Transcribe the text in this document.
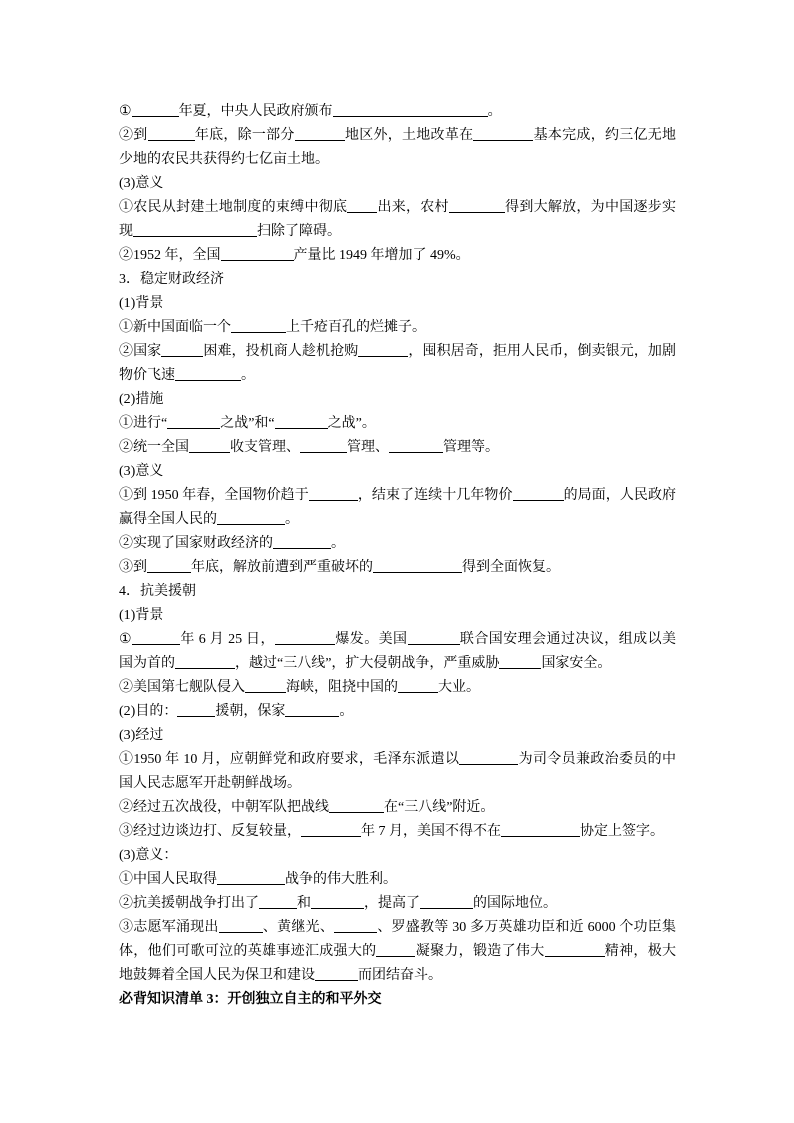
①	年夏，中央人民政府颁布	。
②到	年底，除一部分	地区外，土地改革在	基本完成，约三亿无地
少地的农民共获得约七亿亩土地。
(3)意义
①农民从封建土地制度的束缚中彻底 出来，农村	得到大解放，为中国逐步实
现	扫除了障碍。
②1952 年，全国	产量比 1949 年增加了 49%。
3．稳定财政经济
(1)背景
①新中国面临一个	上千疮百孔的烂摊子。
②国家	困难，投机商人趁机抢购	，囤积居奇，拒用人民币，倒卖银元，加剧
物价飞速	。
(2)措施
①进行“	之战”和“	之战”。
②统一全国	收支管理、	管理、	管理等。
(3)意义
①到 1950 年春，全国物价趋于	，结束了连续十几年物价	的局面，人民政府
赢得全国人民的	。
②实现了国家财政经济的	。
③到	年底，解放前遭到严重破坏的	得到全面恢复。
4．抗美援朝
(1)背景
①	年 6 月 25 日，	爆发。美国	联合国安理会通过决议，组成以美
国为首的	，越过“三八线”，扩大侵朝战争，严重威胁	国家安全。
②美国第七舰队侵入	海峡，阻挠中国的	大业。
(2)目的：	援朝，保家	。
(3)经过
①1950 年 10 月，应朝鲜党和政府要求，毛泽东派遣以	为司令员兼政治委员的中
国人民志愿军开赴朝鲜战场。
②经过五次战役，中朝军队把战线	在“三八线”附近。
③经过边谈边打、反复较量，	年 7 月，美国不得不在	协定上签字。
(3)意义：
①中国人民取得	战争的伟大胜利。
②抗美援朝战争打出了	和	，提高了	的国际地位。
③志愿军涌现出	、黄继光、	、罗盛教等 30 多万英雄功臣和近 6000 个功臣集
体，他们可歌可泣的英雄事迹汇成强大的	凝聚力，锻造了伟大	精神，极大
地鼓舞着全国人民为保卫和建设	而团结奋斗。
必背知识清单 3：开创独立自主的和平外交
